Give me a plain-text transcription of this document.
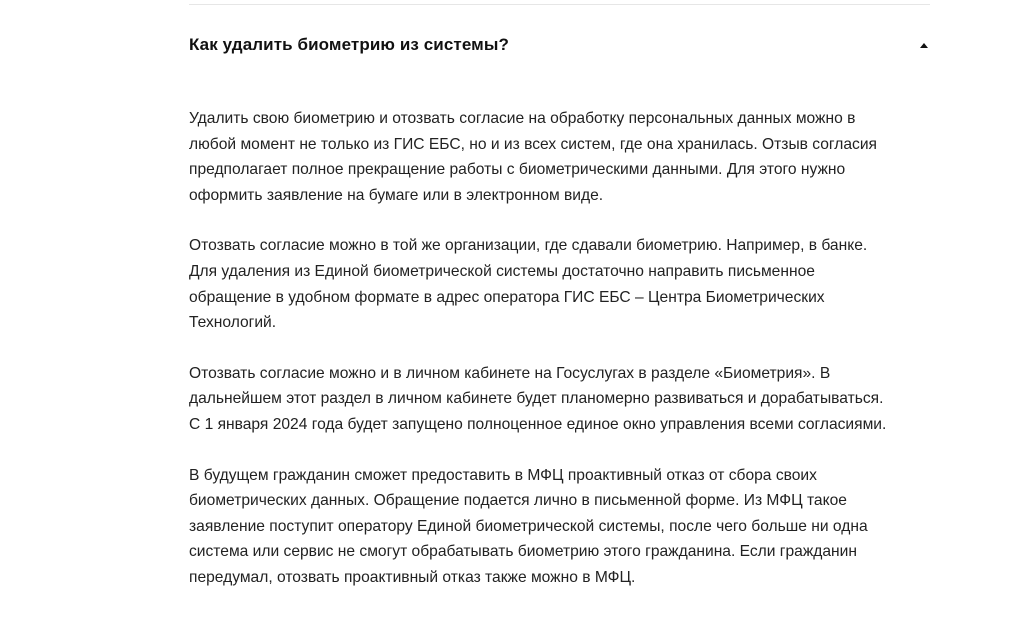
Как удалить биометрию из системы?

Удалить свою биометрию и отозвать согласие на обработку персональных данных можно в
любой момент не только из ГИС ЕБС, но и из всех систем, где она хранилась. Отзыв согласия
предполагает полное прекращение работы с биометрическими данными. Для этого нужно
оформить заявление на бумаге или в электронном виде.

Отозвать согласие можно в той же организации, где сдавали биометрию. Например, в банке.
Для удаления из Единой биометрической системы достаточно направить письменное
обращение в удобном формате в адрес оператора ГИС ЕБС – Центра Биометрических
Технологий.

Отозвать согласие можно и в личном кабинете на Госуслугах в разделе «Биометрия». В
дальнейшем этот раздел в личном кабинете будет планомерно развиваться и дорабатываться.
С 1 января 2024 года будет запущено полноценное единое окно управления всеми согласиями.

В будущем гражданин сможет предоставить в МФЦ проактивный отказ от сбора своих
биометрических данных. Обращение подается лично в письменной форме. Из МФЦ такое
заявление поступит оператору Единой биометрической системы, после чего больше ни одна
система или сервис не смогут обрабатывать биометрию этого гражданина. Если гражданин
передумал, отозвать проактивный отказ также можно в МФЦ.
